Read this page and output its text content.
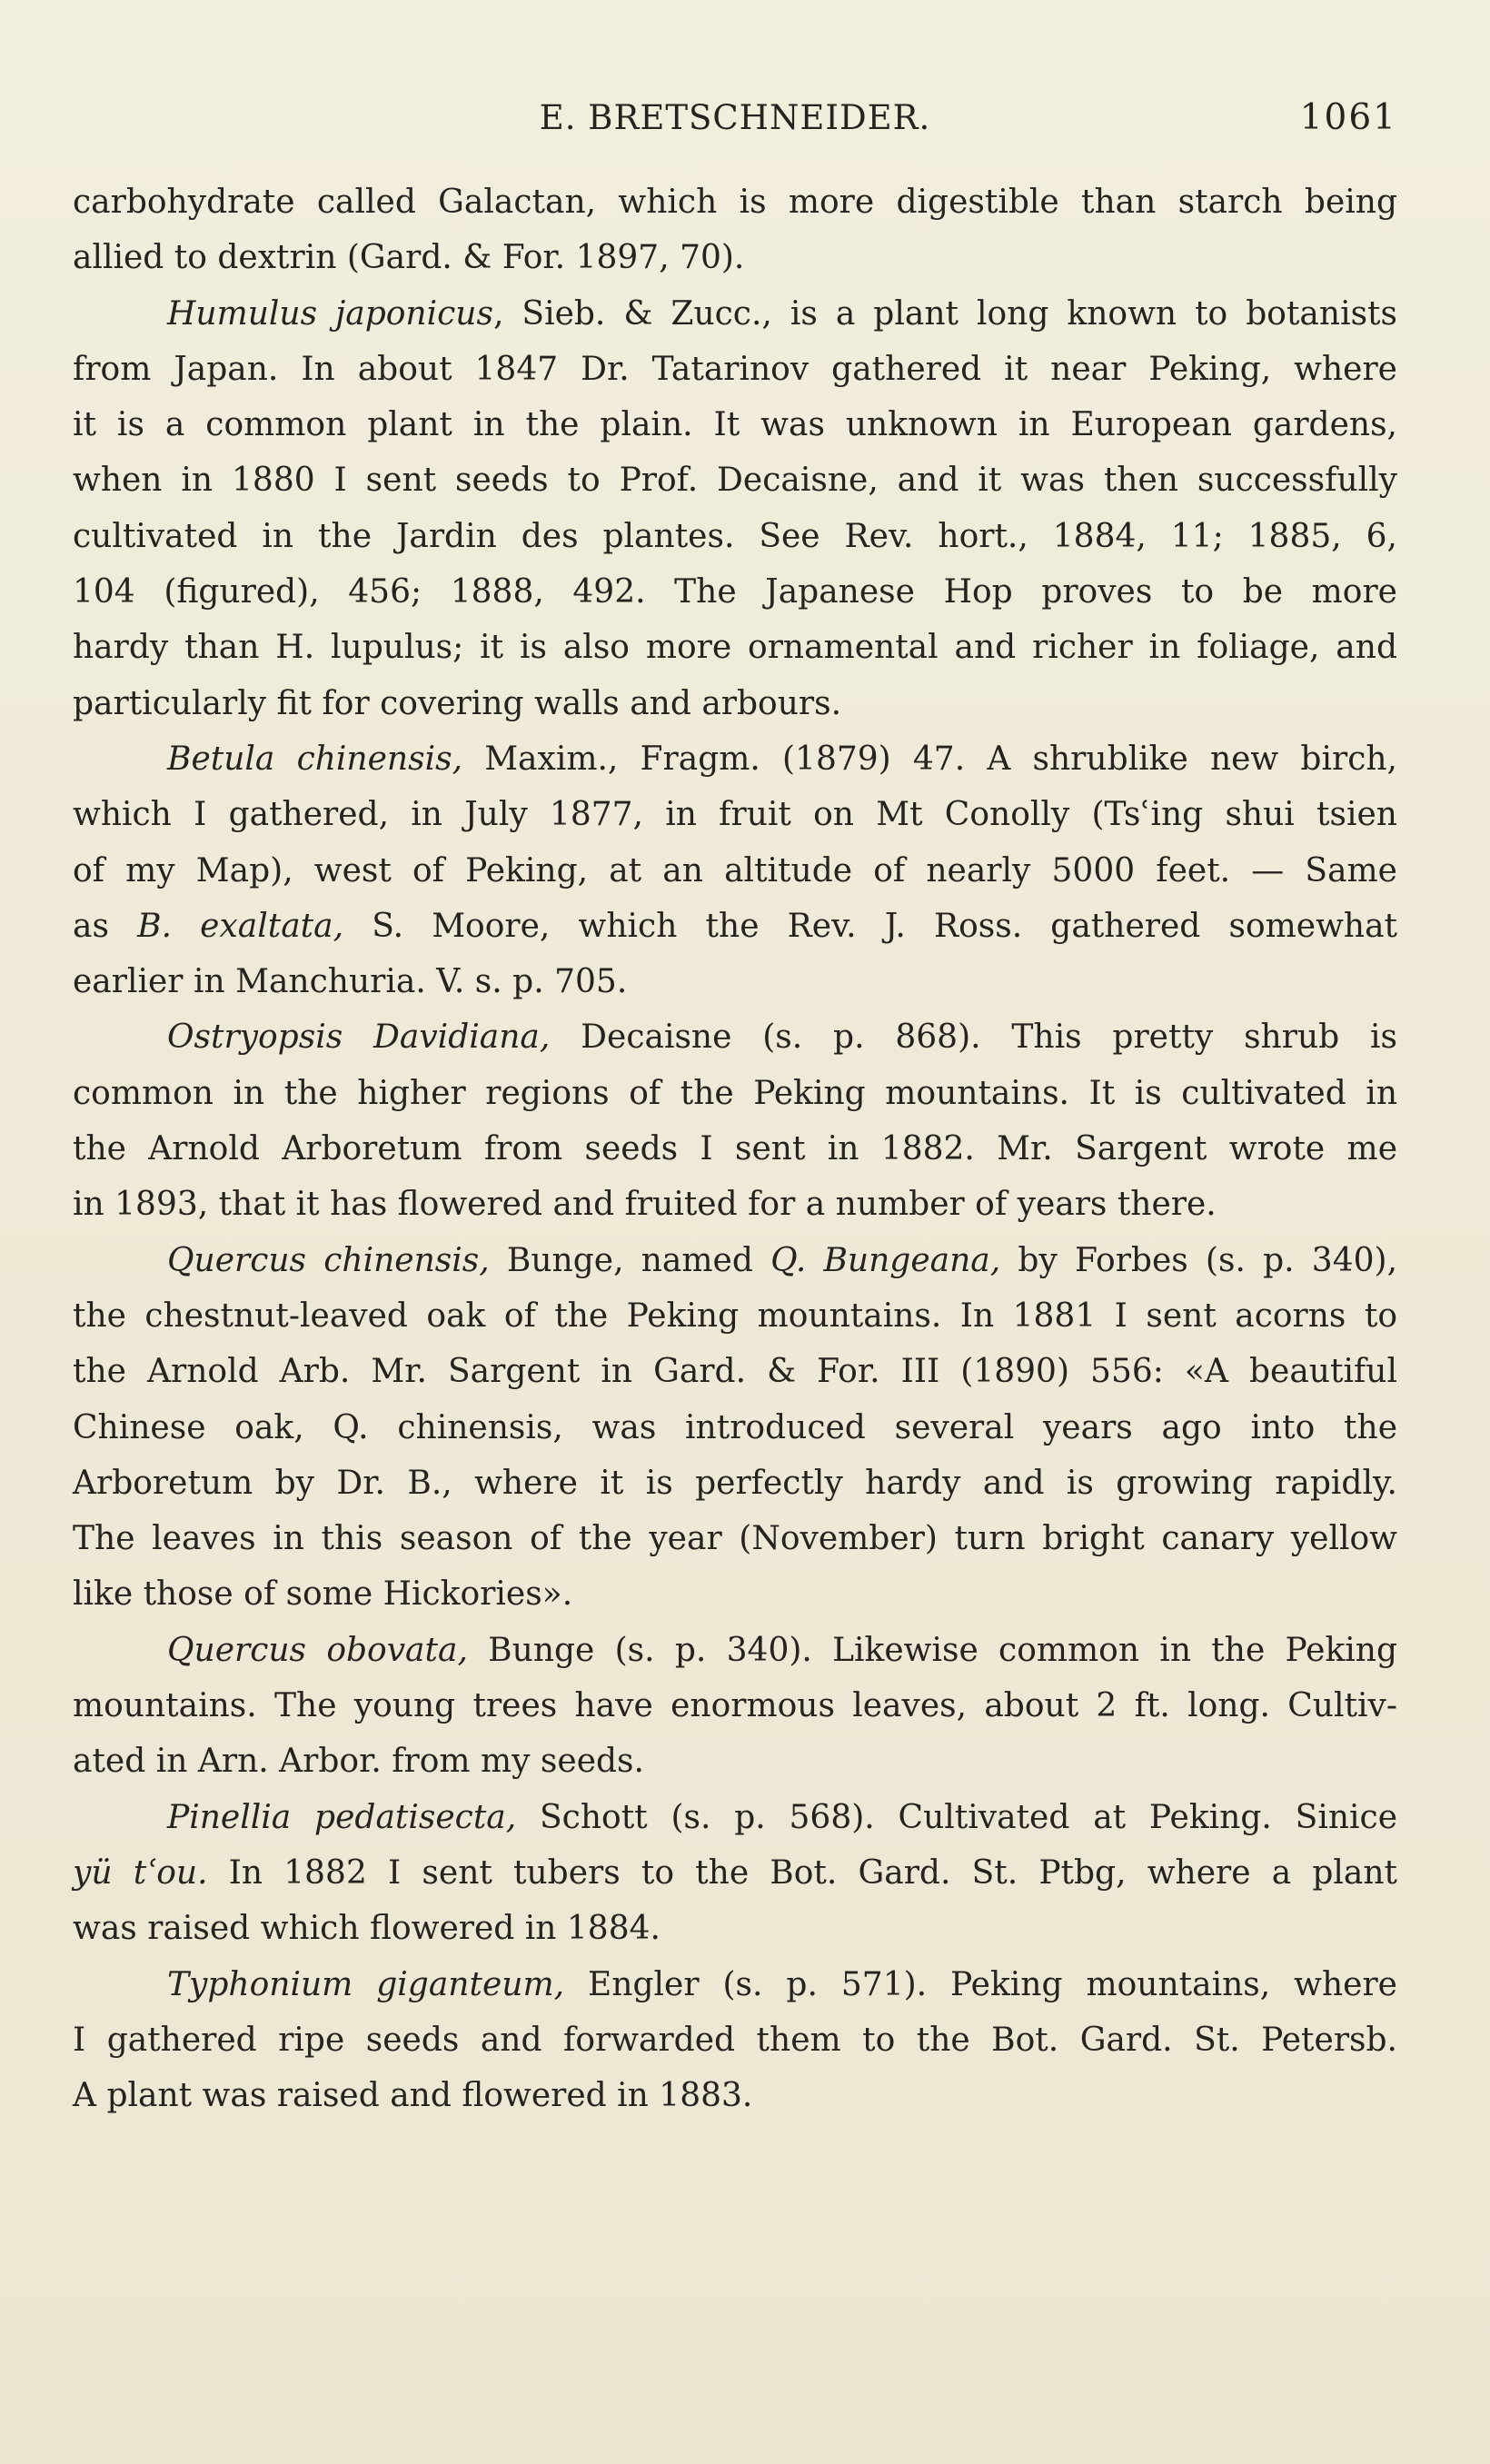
E. BRETSCHNEIDER.	1061
carbohydrate called Galactan, which is more digestible than starch being
allied to dextrin (Gard. & For. 1897, 70).
Humulus japonicus, Sieb. & Zucc., is a plant long known to botanists
from Japan. In about 1847 Dr. Tatarinov gathered it near Peking, where
it is a common plant in the plain. It was unknown in European gardens,
when in 1880 I sent seeds to Prof. Decaisne, and it was then successfully
cultivated in the Jardin des plantes. See Rev. hort., 1884, 11; 1885, 6,
104 (figured), 456; 1888, 492. The Japanese Hop proves to be more
hardy than H. lupulus; it is also more ornamental and richer in foliage, and
particularly fit for covering walls and arbours.
Betula chinensis, Maxim., Fragm. (1879) 47. A shrublike new birch,
which I gathered, in July 1877, in fruit on Mt Conolly (Tsʿing shui tsien
of my Map), west of Peking, at an altitude of nearly 5000 feet. — Same
as B. exaltata, S. Moore, which the Rev. J. Ross. gathered somewhat
earlier in Manchuria. V. s. p. 705.
Ostryopsis Davidiana, Decaisne (s. p. 868). This pretty shrub is
common in the higher regions of the Peking mountains. It is cultivated in
the Arnold Arboretum from seeds I sent in 1882. Mr. Sargent wrote me
in 1893, that it has flowered and fruited for a number of years there.
Quercus chinensis, Bunge, named Q. Bungeana, by Forbes (s. p. 340),
the chestnut-leaved oak of the Peking mountains. In 1881 I sent acorns to
the Arnold Arb. Mr. Sargent in Gard. & For. III (1890) 556: «A beautiful
Chinese oak, Q. chinensis, was introduced several years ago into the
Arboretum by Dr. B., where it is perfectly hardy and is growing rapidly.
The leaves in this season of the year (November) turn bright canary yellow
like those of some Hickories».
Quercus obovata, Bunge (s. p. 340). Likewise common in the Peking
mountains. The young trees have enormous leaves, about 2 ft. long. Cultiv-
ated in Arn. Arbor. from my seeds.
Pinellia pedatisecta, Schott (s. p. 568). Cultivated at Peking. Sinice
yü tʿou. In 1882 I sent tubers to the Bot. Gard. St. Ptbg, where a plant
was raised which flowered in 1884.
Typhonium giganteum, Engler (s. p. 571). Peking mountains, where
I gathered ripe seeds and forwarded them to the Bot. Gard. St. Petersb.
A plant was raised and flowered in 1883.
